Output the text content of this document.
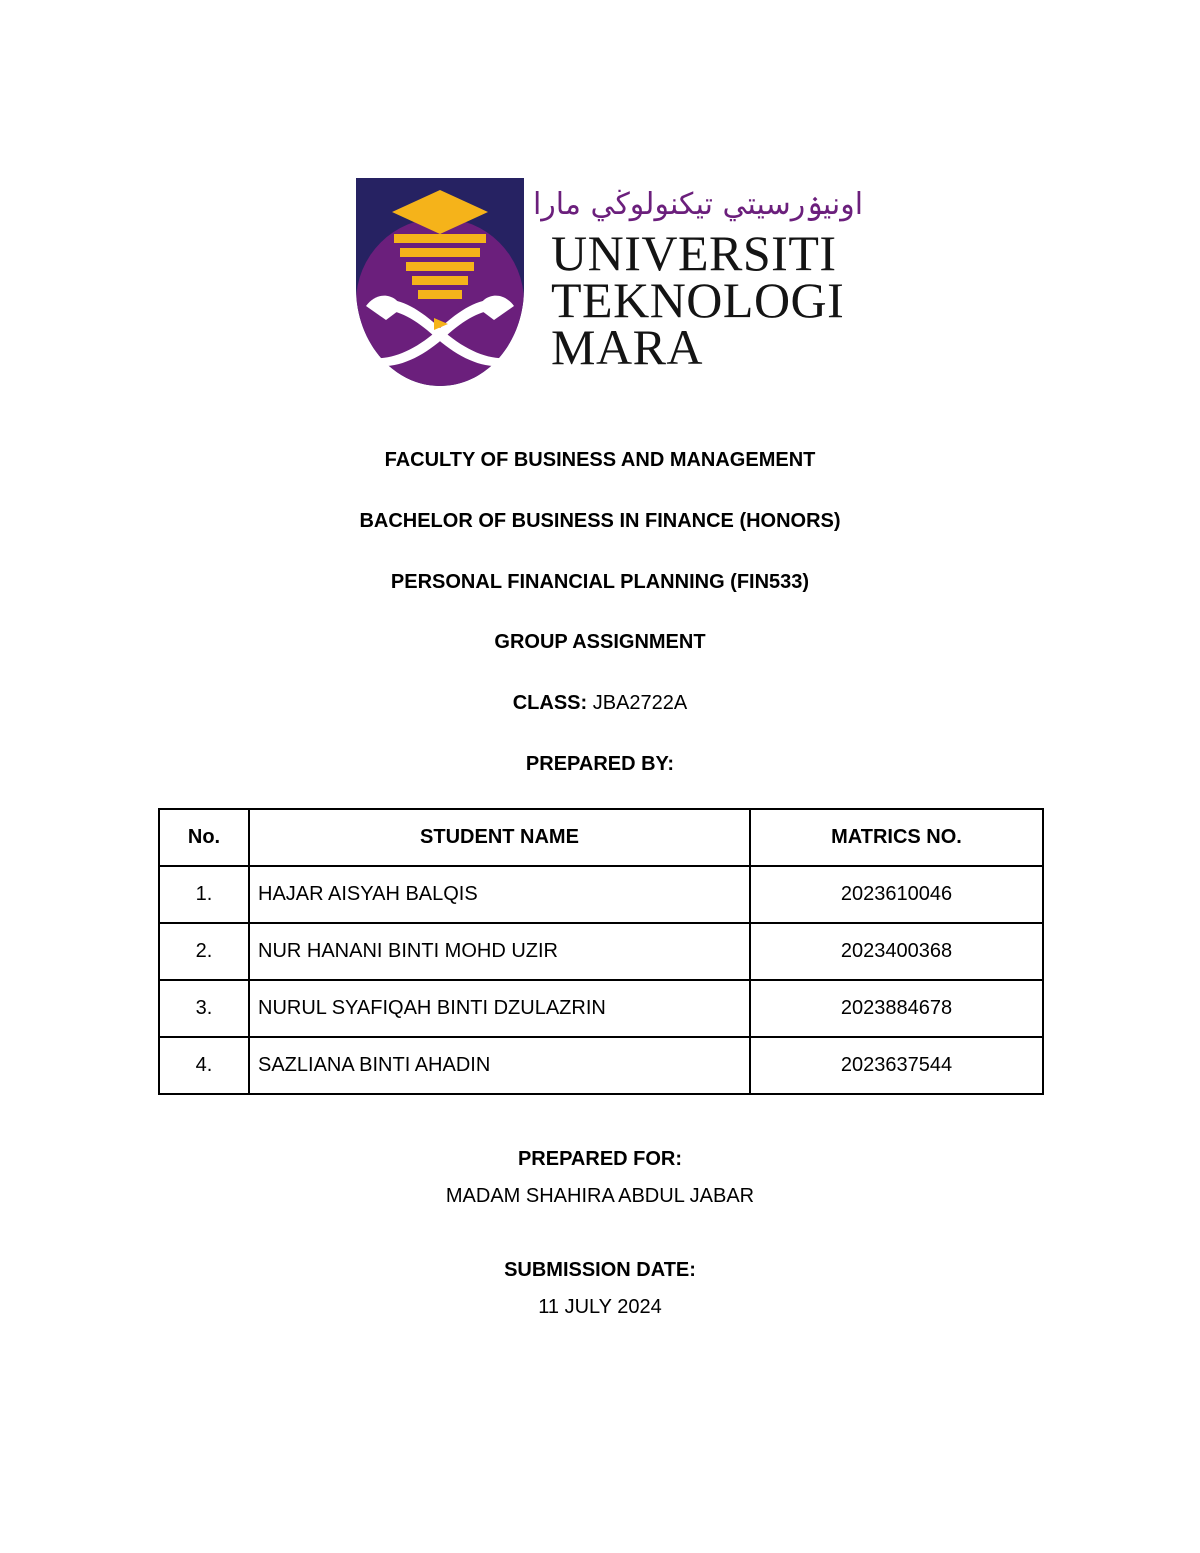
اونيۏرسيتي تيكنولوڬي مارا
UNIVERSITI
TEKNOLOGI
MARA
FACULTY OF BUSINESS AND MANAGEMENT
BACHELOR OF BUSINESS IN FINANCE (HONORS)
PERSONAL FINANCIAL PLANNING (FIN533)
GROUP ASSIGNMENT
CLASS: JBA2722A
PREPARED BY:
No.	STUDENT NAME	MATRICS NO.
1.	HAJAR AISYAH BALQIS	2023610046
2.	NUR HANANI BINTI MOHD UZIR	2023400368
3.	NURUL SYAFIQAH BINTI DZULAZRIN	2023884678
4.	SAZLIANA BINTI AHADIN	2023637544
PREPARED FOR:
MADAM SHAHIRA ABDUL JABAR
SUBMISSION DATE:
11 JULY 2024
